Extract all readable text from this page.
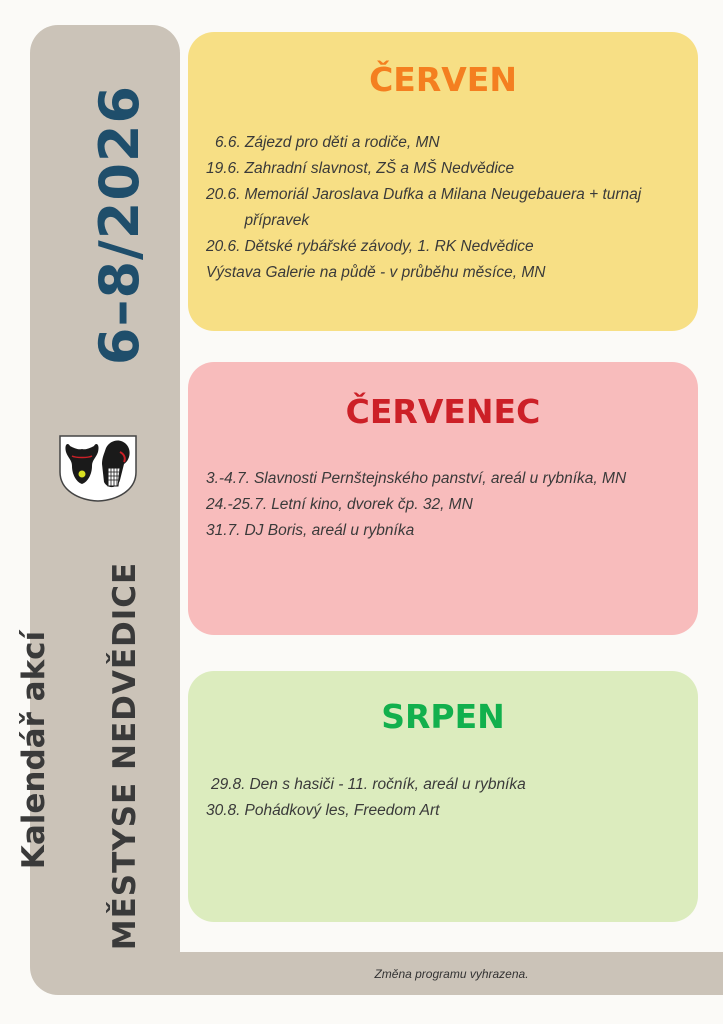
Změna programu vyhrazena.
6–8/2026
Kalendář akcí MĚSTYSE NEDVĚDICE
ČERVEN
6.6. Zájezd pro děti a rodiče, MN
19.6. Zahradní slavnost, ZŠ a MŠ Nedvědice
20.6. Memoriál Jaroslava Dufka a Milana Neugebauera + turnaj přípravek
20.6. Dětské rybářské závody, 1. RK Nedvědice
Výstava Galerie na půdě - v průběhu měsíce, MN
ČERVENEC
3.-4.7. Slavnosti Pernštejnského panství, areál u rybníka, MN
24.-25.7. Letní kino, dvorek čp. 32, MN
31.7. DJ Boris, areál u rybníka
SRPEN
29.8. Den s hasiči - 11. ročník, areál u rybníka
30.8. Pohádkový les, Freedom Art
